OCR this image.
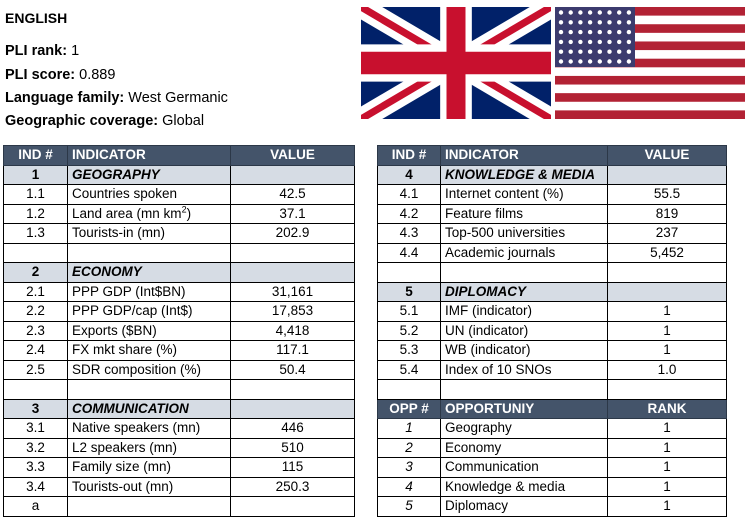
ENGLISH
PLI rank: 1
PLI score: 0.889
Language family: West Germanic
Geographic coverage: Global
IND #	INDICATOR	VALUE
1	GEOGRAPHY	
1.1	Countries spoken	42.5
1.2	Land area (mn $km^2$)	37.1
1.3	Tourists-in (mn)	202.9

2	ECONOMY	
2.1	PPP GDP (Int$BN)	31,161
2.2	PPP GDP/cap (Int$)	17,853
2.3	Exports ($BN)	4,418
2.4	FX mkt share (%)	117.1
2.5	SDR composition (%)	50.4

3	COMMUNICATION	
3.1	Native speakers (mn)	446
3.2	L2 speakers (mn)	510
3.3	Family size (mn)	115
3.4	Tourists-out (mn)	250.3
a		
IND #	INDICATOR	VALUE
4	KNOWLEDGE & MEDIA	
4.1	Internet content (%)	55.5
4.2	Feature films	819
4.3	Top-500 universities	237
4.4	Academic journals	5,452

5	DIPLOMACY	
5.1	IMF (indicator)	1
5.2	UN (indicator)	1
5.3	WB (indicator)	1
5.4	Index of 10 SNOs	1.0

OPP #	OPPORTUNIY	RANK
1	Geography	1
2	Economy	1
3	Communication	1
4	Knowledge & media	1
5	Diplomacy	1
